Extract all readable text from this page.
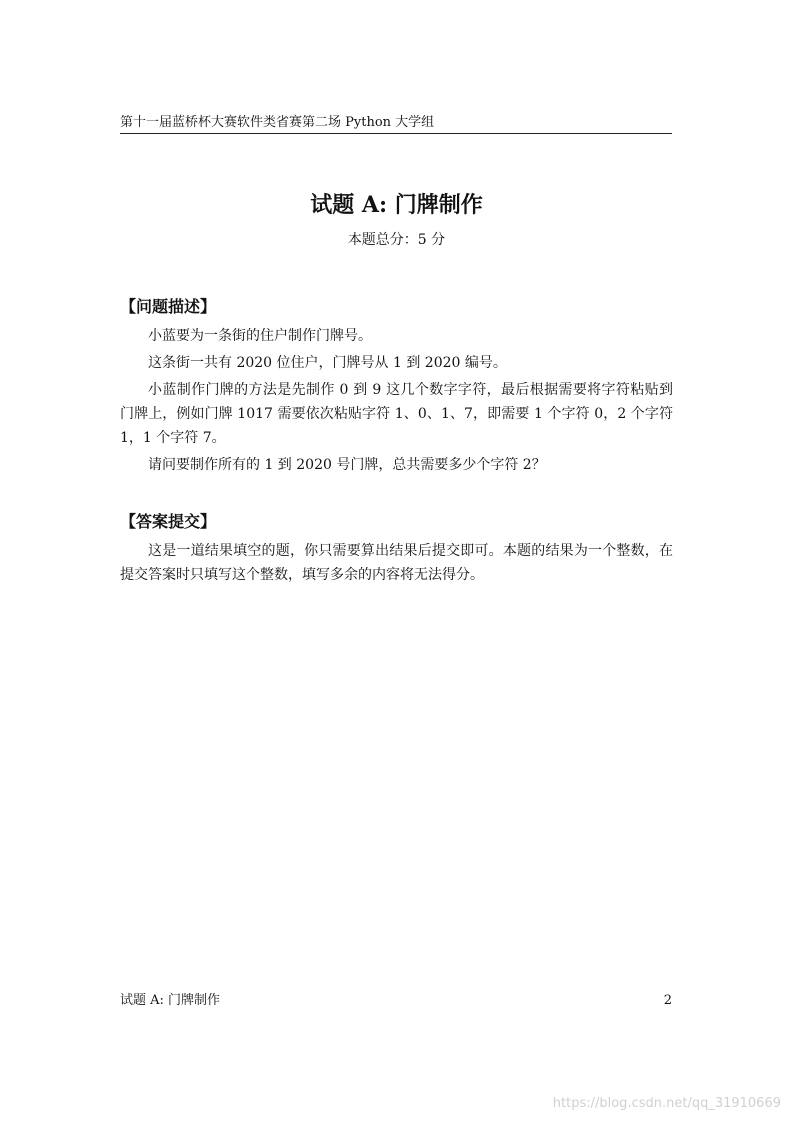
第十一届蓝桥杯大赛软件类省赛第二场 Python 大学组
试题 A: 门牌制作
本题总分：5 分
【问题描述】

小蓝要为一条街的住户制作门牌号。

这条街一共有 2020 位住户，门牌号从 1 到 2020 编号。

小蓝制作门牌的方法是先制作 0 到 9 这几个数字字符，最后根据需要将字符粘贴到门牌上，例如门牌 1017 需要依次粘贴字符 1、0、1、7，即需要 1 个字符 0，2 个字符 1，1 个字符 7。

请问要制作所有的 1 到 2020 号门牌，总共需要多少个字符 2？

【答案提交】

这是一道结果填空的题，你只需要算出结果后提交即可。本题的结果为一个整数，在提交答案时只填写这个整数，填写多余的内容将无法得分。

试题 A: 门牌制作	2
https://blog.csdn.net/qq_31910669
